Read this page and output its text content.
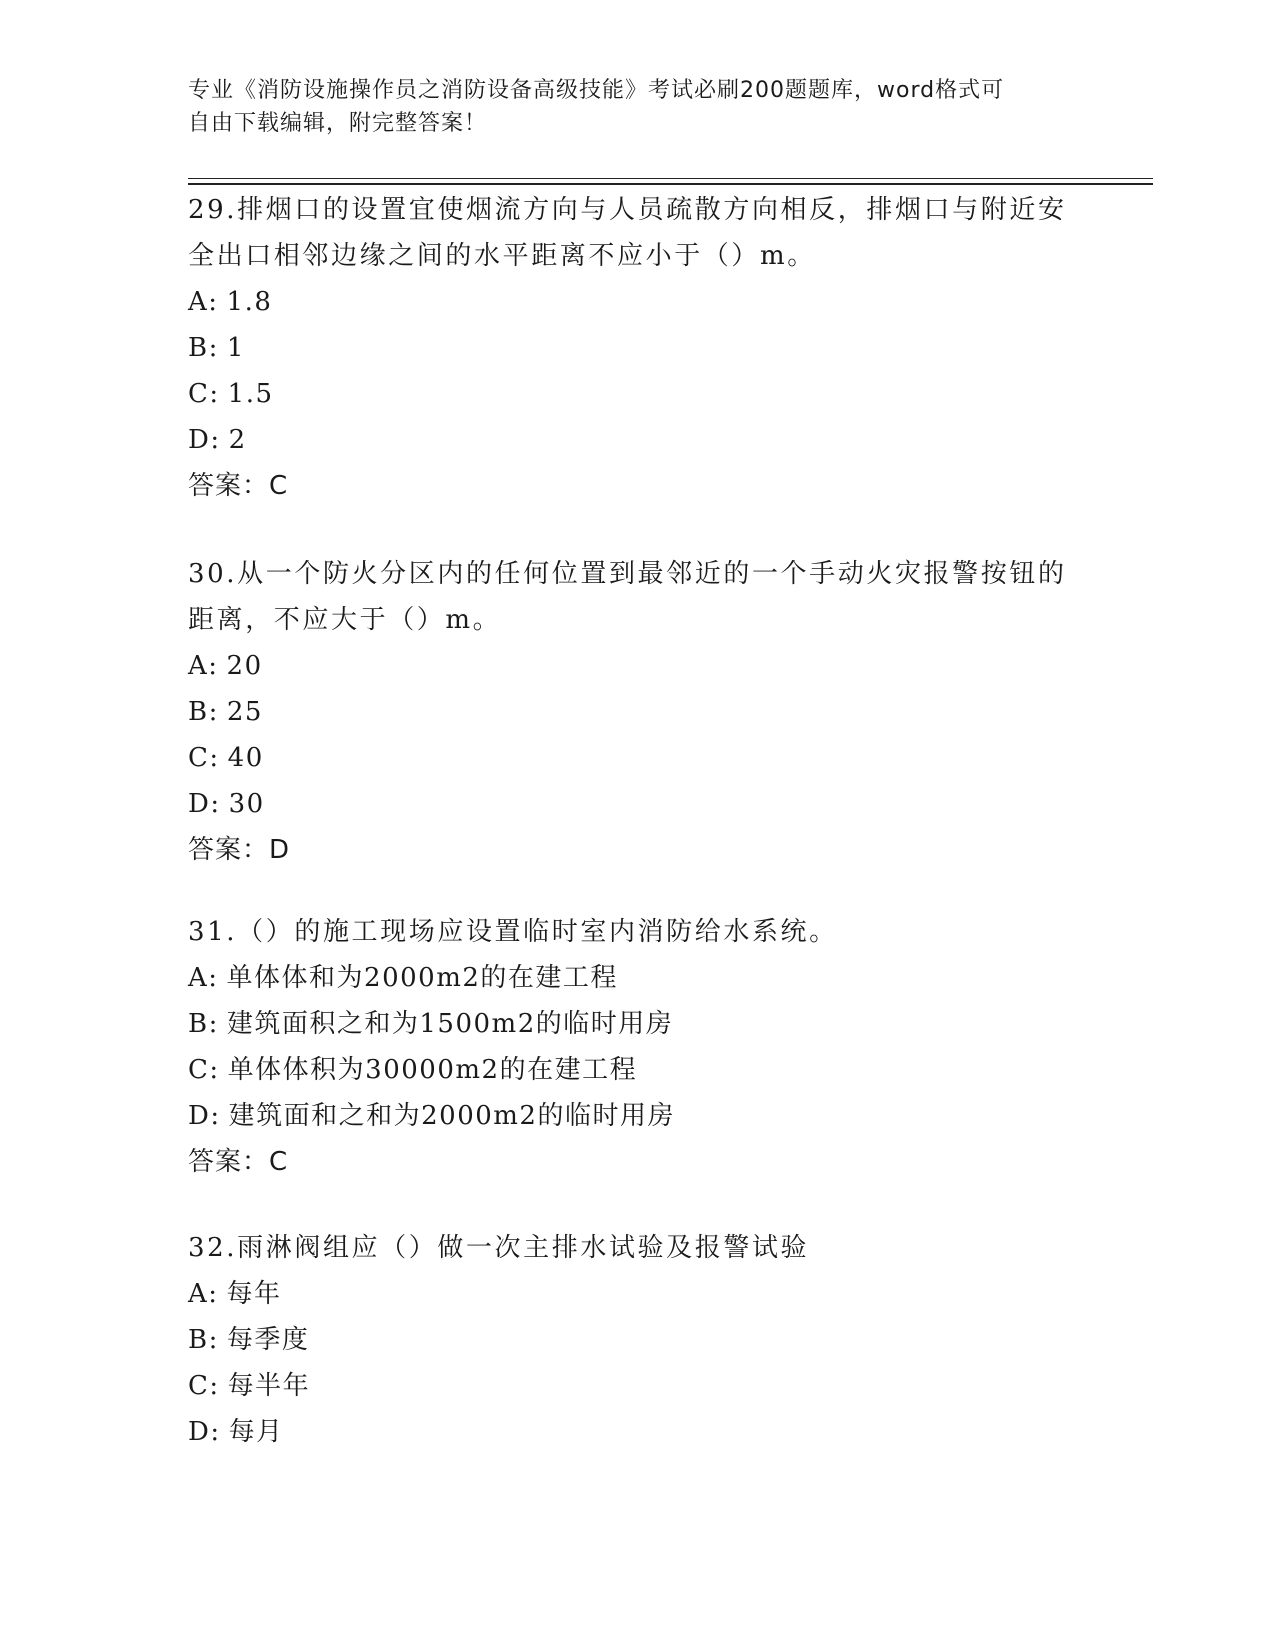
专业《消防设施操作员之消防设备高级技能》考试必刷200题题库，word格式可
自由下载编辑，附完整答案！
29.排烟口的设置宜使烟流方向与人员疏散方向相反，排烟口与附近安
全出口相邻边缘之间的水平距离不应小于（）m。
A: 1.8
B: 1
C: 1.5
D: 2
答案：C
30.从一个防火分区内的任何位置到最邻近的一个手动火灾报警按钮的
距离，不应大于（）m。
A: 20
B: 25
C: 40
D: 30
答案：D
31.（）的施工现场应设置临时室内消防给水系统。
A: 单体体和为2000m2的在建工程
B: 建筑面积之和为1500m2的临时用房
C: 单体体积为30000m2的在建工程
D: 建筑面和之和为2000m2的临时用房
答案：C
32.雨淋阀组应（）做一次主排水试验及报警试验
A: 每年
B: 每季度
C: 每半年
D: 每月
